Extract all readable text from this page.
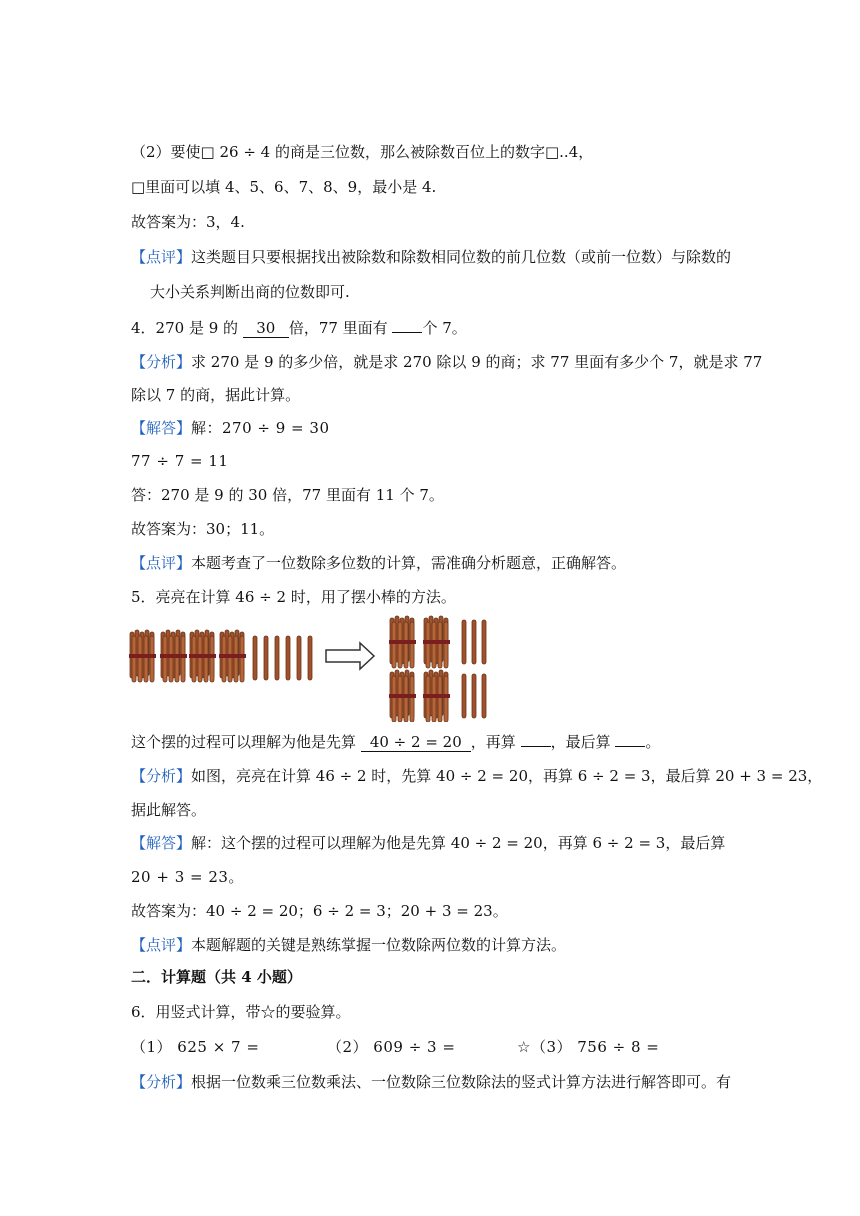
（2）要使□ 26 ÷ 4 的商是三位数，那么被除数百位上的数字□..4，
□里面可以填 4、5、6、7、8、9，最小是 4.
故答案为：3，4.
【点评】这类题目只要根据找出被除数和除数相同位数的前几位数（或前一位数）与除数的
大小关系判断出商的位数即可.
4．270 是 9 的 30 倍，77 里面有 个 7。
【分析】求 270 是 9 的多少倍，就是求 270 除以 9 的商；求 77 里面有多少个 7，就是求 77
除以 7 的商，据此计算。
【解答】解：270 ÷ 9 = 30
77 ÷ 7 = 11
答：270 是 9 的 30 倍，77 里面有 11 个 7。
故答案为：30；11。
【点评】本题考查了一位数除多位数的计算，需准确分析题意，正确解答。
5．亮亮在计算 46 ÷ 2 时，用了摆小棒的方法。
这个摆的过程可以理解为他是先算 40 ÷ 2 = 20 ，再算 ，最后算 。
【分析】如图，亮亮在计算 46 ÷ 2 时，先算 40 ÷ 2 = 20，再算 6 ÷ 2 = 3，最后算 20 + 3 = 23，
据此解答。
【解答】解：这个摆的过程可以理解为他是先算 40 ÷ 2 = 20，再算 6 ÷ 2 = 3，最后算
20 + 3 = 23。
故答案为：40 ÷ 2 = 20；6 ÷ 2 = 3；20 + 3 = 23。
【点评】本题解题的关键是熟练掌握一位数除两位数的计算方法。
二．计算题（共 4 小题）
6．用竖式计算，带☆的要验算。
（1） 625 × 7 =	（2） 609 ÷ 3 =	☆（3） 756 ÷ 8 =
【分析】根据一位数乘三位数乘法、一位数除三位数除法的竖式计算方法进行解答即可。有
